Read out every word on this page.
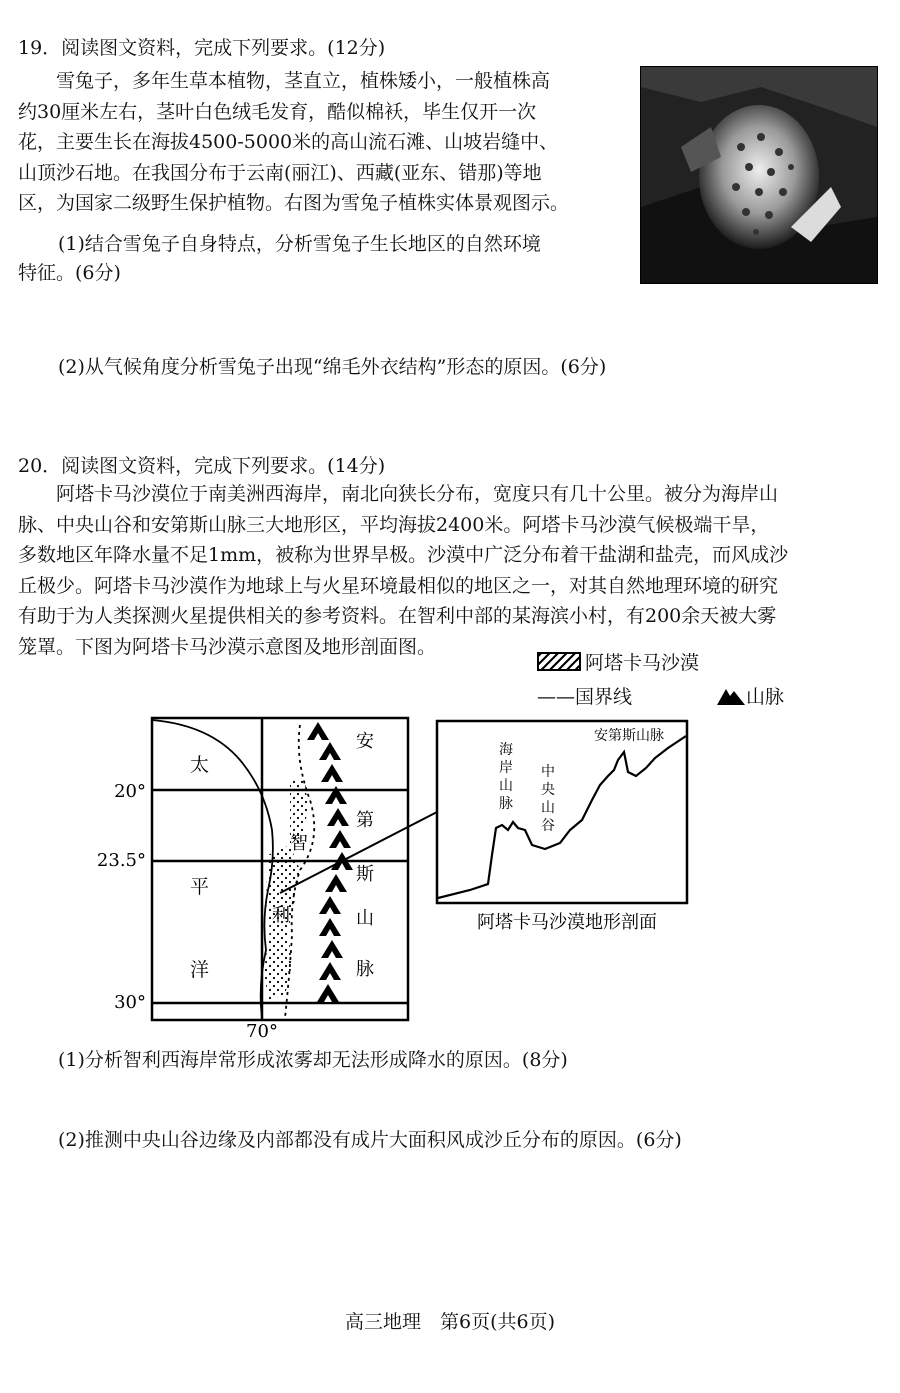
19．阅读图文资料，完成下列要求。(12分)
雪兔子，多年生草本植物，茎直立，植株矮小，一般植株高
约30厘米左右，茎叶白色绒毛发育，酷似棉袄，毕生仅开一次
花，主要生长在海拔4500-5000米的高山流石滩、山坡岩缝中、
山顶沙石地。在我国分布于云南(丽江)、西藏(亚东、错那)等地
区，为国家二级野生保护植物。右图为雪兔子植株实体景观图示。
(1)结合雪兔子自身特点，分析雪兔子生长地区的自然环境
特征。(6分)
(2)从气候角度分析雪兔子出现“绵毛外衣结构”形态的原因。(6分)
20．阅读图文资料，完成下列要求。(14分)
阿塔卡马沙漠位于南美洲西海岸，南北向狭长分布，宽度只有几十公里。被分为海岸山
脉、中央山谷和安第斯山脉三大地形区，平均海拔2400米。阿塔卡马沙漠气候极端干旱，
多数地区年降水量不足1mm，被称为世界旱极。沙漠中广泛分布着干盐湖和盐壳，而风成沙
丘极少。阿塔卡马沙漠作为地球上与火星环境最相似的地区之一，对其自然地理环境的研究
有助于为人类探测火星提供相关的参考资料。在智利中部的某海滨小村，有200余天被大雾
笼罩。下图为阿塔卡马沙漠示意图及地形剖面图。
阿塔卡马沙漠
——国界线	山脉
20°
23.5°
30°
70°
太
平
洋
智
利
安
第
斯
山
脉
海
岸
山
脉
中
央
山
谷
安第斯山脉
阿塔卡马沙漠地形剖面
(1)分析智利西海岸常形成浓雾却无法形成降水的原因。(8分)
(2)推测中央山谷边缘及内部都没有成片大面积风成沙丘分布的原因。(6分)
高三地理　第6页(共6页)
